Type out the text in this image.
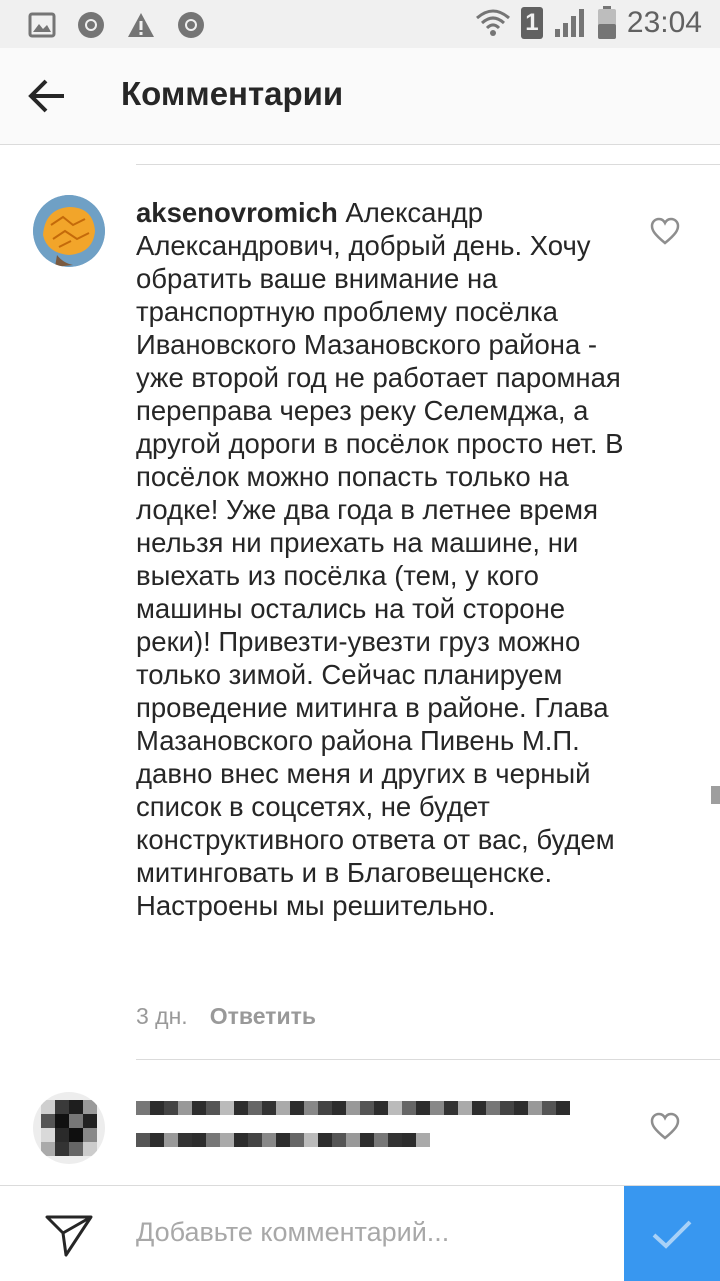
1	23:04
Комментарии
aksenovromich Александр Александрович, добрый день. Хочу обратить ваше внимание на транспортную проблему посёлка Ивановского Мазановского района - уже второй год не работает паромная переправа через реку Селемджа, а другой дороги в посёлок просто нет. В посёлок можно попасть только на лодке! Уже два года в летнее время нельзя ни приехать на машине, ни выехать из посёлка (тем, у кого машины остались на той стороне реки)! Привезти-увезти груз можно только зимой. Сейчас планируем проведение митинга в районе. Глава Мазановского района Пивень М.П. давно внес меня и других в черный список в соцсетях, не будет конструктивного ответа от вас, будем митинговать и в Благовещенске. Настроены мы решительно.
3 дн. Ответить
Добавьте комментарий...
